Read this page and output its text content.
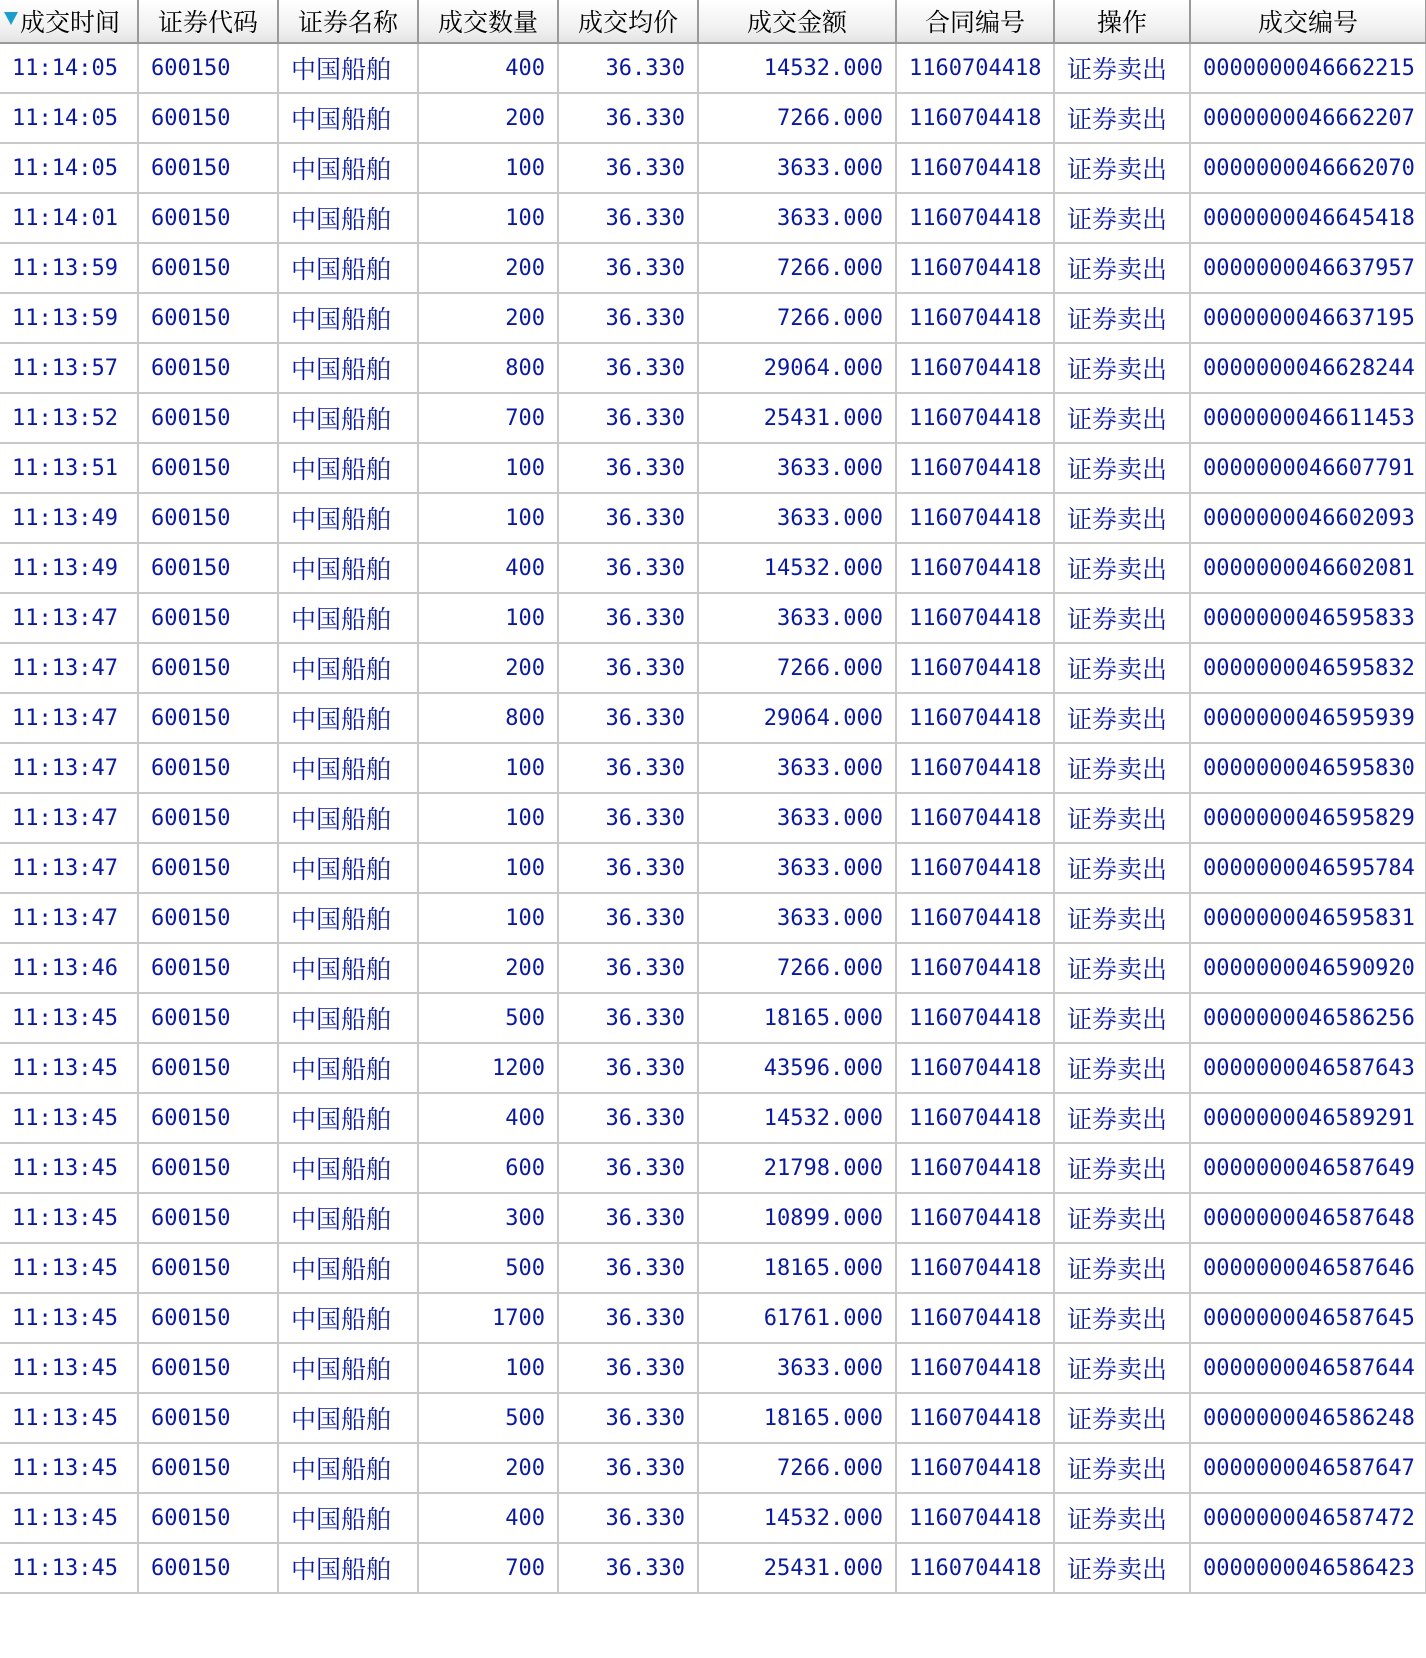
成交时间	证券代码	证券名称	成交数量	成交均价	成交金额	合同编号	操作	成交编号
11:14:05	600150	中国船舶	400	36.330	14532.000	1160704418	证券卖出	0000000046662215
11:14:05	600150	中国船舶	200	36.330	7266.000	1160704418	证券卖出	0000000046662207
11:14:05	600150	中国船舶	100	36.330	3633.000	1160704418	证券卖出	0000000046662070
11:14:01	600150	中国船舶	100	36.330	3633.000	1160704418	证券卖出	0000000046645418
11:13:59	600150	中国船舶	200	36.330	7266.000	1160704418	证券卖出	0000000046637957
11:13:59	600150	中国船舶	200	36.330	7266.000	1160704418	证券卖出	0000000046637195
11:13:57	600150	中国船舶	800	36.330	29064.000	1160704418	证券卖出	0000000046628244
11:13:52	600150	中国船舶	700	36.330	25431.000	1160704418	证券卖出	0000000046611453
11:13:51	600150	中国船舶	100	36.330	3633.000	1160704418	证券卖出	0000000046607791
11:13:49	600150	中国船舶	100	36.330	3633.000	1160704418	证券卖出	0000000046602093
11:13:49	600150	中国船舶	400	36.330	14532.000	1160704418	证券卖出	0000000046602081
11:13:47	600150	中国船舶	100	36.330	3633.000	1160704418	证券卖出	0000000046595833
11:13:47	600150	中国船舶	200	36.330	7266.000	1160704418	证券卖出	0000000046595832
11:13:47	600150	中国船舶	800	36.330	29064.000	1160704418	证券卖出	0000000046595939
11:13:47	600150	中国船舶	100	36.330	3633.000	1160704418	证券卖出	0000000046595830
11:13:47	600150	中国船舶	100	36.330	3633.000	1160704418	证券卖出	0000000046595829
11:13:47	600150	中国船舶	100	36.330	3633.000	1160704418	证券卖出	0000000046595784
11:13:47	600150	中国船舶	100	36.330	3633.000	1160704418	证券卖出	0000000046595831
11:13:46	600150	中国船舶	200	36.330	7266.000	1160704418	证券卖出	0000000046590920
11:13:45	600150	中国船舶	500	36.330	18165.000	1160704418	证券卖出	0000000046586256
11:13:45	600150	中国船舶	1200	36.330	43596.000	1160704418	证券卖出	0000000046587643
11:13:45	600150	中国船舶	400	36.330	14532.000	1160704418	证券卖出	0000000046589291
11:13:45	600150	中国船舶	600	36.330	21798.000	1160704418	证券卖出	0000000046587649
11:13:45	600150	中国船舶	300	36.330	10899.000	1160704418	证券卖出	0000000046587648
11:13:45	600150	中国船舶	500	36.330	18165.000	1160704418	证券卖出	0000000046587646
11:13:45	600150	中国船舶	1700	36.330	61761.000	1160704418	证券卖出	0000000046587645
11:13:45	600150	中国船舶	100	36.330	3633.000	1160704418	证券卖出	0000000046587644
11:13:45	600150	中国船舶	500	36.330	18165.000	1160704418	证券卖出	0000000046586248
11:13:45	600150	中国船舶	200	36.330	7266.000	1160704418	证券卖出	0000000046587647
11:13:45	600150	中国船舶	400	36.330	14532.000	1160704418	证券卖出	0000000046587472
11:13:45	600150	中国船舶	700	36.330	25431.000	1160704418	证券卖出	0000000046586423
